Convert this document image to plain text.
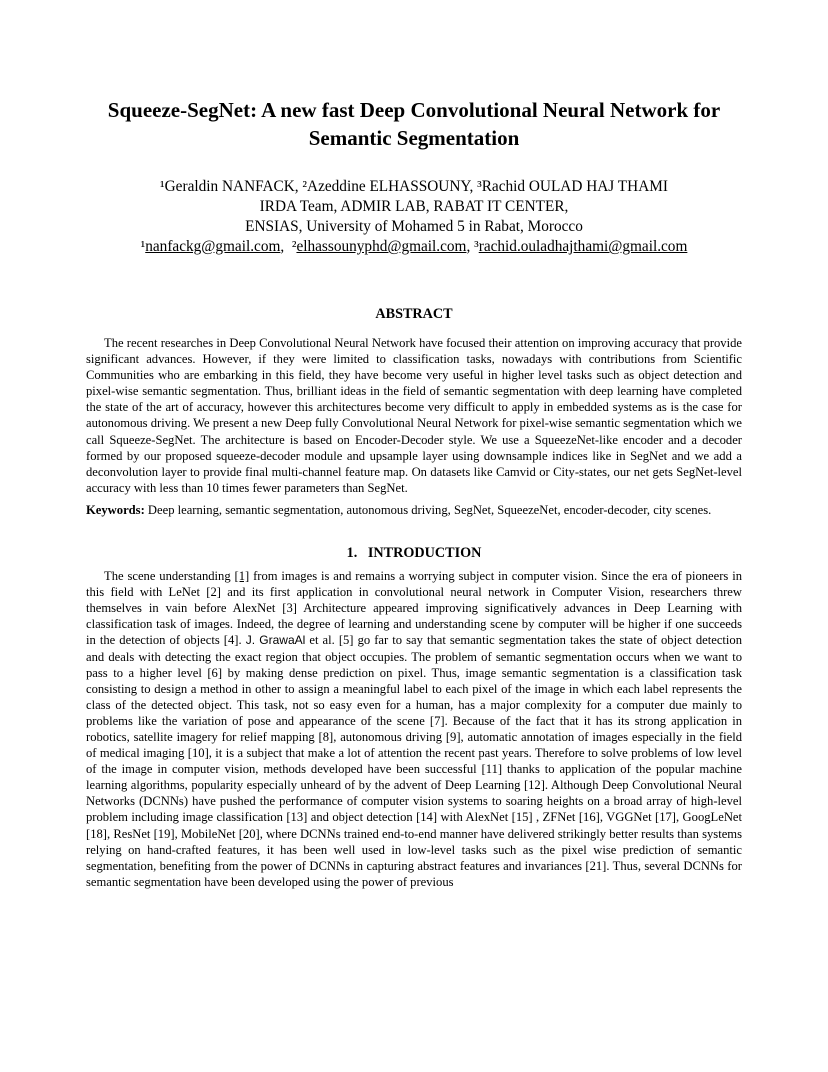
Squeeze-SegNet: A new fast Deep Convolutional Neural Network for Semantic Segmentation
¹Geraldin NANFACK, ²Azeddine ELHASSOUNY, ³Rachid OULAD HAJ THAMI
IRDA Team, ADMIR LAB, RABAT IT CENTER,
ENSIAS, University of Mohamed 5 in Rabat, Morocco
¹nanfackg@gmail.com,  ²elhassounyphd@gmail.com, ³rachid.ouladhajthami@gmail.com
ABSTRACT

The recent researches in Deep Convolutional Neural Network have focused their attention on improving accuracy that provide significant advances. However, if they were limited to classification tasks, nowadays with contributions from Scientific Communities who are embarking in this field, they have become very useful in higher level tasks such as object detection and pixel-wise semantic segmentation. Thus, brilliant ideas in the field of semantic segmentation with deep learning have completed the state of the art of accuracy, however this architectures become very difficult to apply in embedded systems as is the case for autonomous driving. We present a new Deep fully Convolutional Neural Network for pixel-wise semantic segmentation which we call Squeeze-SegNet. The architecture is based on Encoder-Decoder style. We use a SqueezeNet-like encoder and a decoder formed by our proposed squeeze-decoder module and upsample layer using downsample indices like in SegNet and we add a deconvolution layer to provide final multi-channel feature map. On datasets like Camvid or City-states, our net gets SegNet-level accuracy with less than 10 times fewer parameters than SegNet.

Keywords: Deep learning, semantic segmentation, autonomous driving, SegNet, SqueezeNet, encoder-decoder, city scenes.

1.   INTRODUCTION

The scene understanding [1] from images is and remains a worrying subject in computer vision. Since the era of pioneers in this field with LeNet [2] and its first application in convolutional neural network in Computer Vision, researchers threw themselves in vain before AlexNet [3] Architecture appeared improving significatively advances in Deep Learning with classification task of images. Indeed, the degree of learning and understanding scene by computer will be higher if one succeeds in the detection of objects [4]. J. GrawaAl et al. [5] go far to say that semantic segmentation takes the state of object detection and deals with detecting the exact region that object occupies. The problem of semantic segmentation occurs when we want to pass to a higher level [6] by making dense prediction on pixel. Thus, image semantic segmentation is a classification task consisting to design a method in other to assign a meaningful label to each pixel of the image in which each label represents the class of the detected object. This task, not so easy even for a human, has a major complexity for a computer due mainly to problems like the variation of pose and appearance of the scene [7]. Because of the fact that it has its strong application in robotics, satellite imagery for relief mapping [8], autonomous driving [9], automatic annotation of images especially in the field of medical imaging [10], it is a subject that make a lot of attention the recent past years. Therefore to solve problems of low level of the image in computer vision, methods developed have been successful [11] thanks to application of the popular machine learning algorithms, popularity especially unheard of by the advent of Deep Learning [12]. Although Deep Convolutional Neural Networks (DCNNs) have pushed the performance of computer vision systems to soaring heights on a broad array of high-level problem including image classification [13] and object detection [14] with AlexNet [15] , ZFNet [16], VGGNet [17], GoogLeNet [18], ResNet [19], MobileNet [20], where DCNNs trained end-to-end manner have delivered strikingly better results than systems relying on hand-crafted features, it has been well used in low-level tasks such as the pixel wise prediction of semantic segmentation, benefiting from the power of DCNNs in capturing abstract features and invariances [21]. Thus, several DCNNs for semantic segmentation have been developed using the power of previous
